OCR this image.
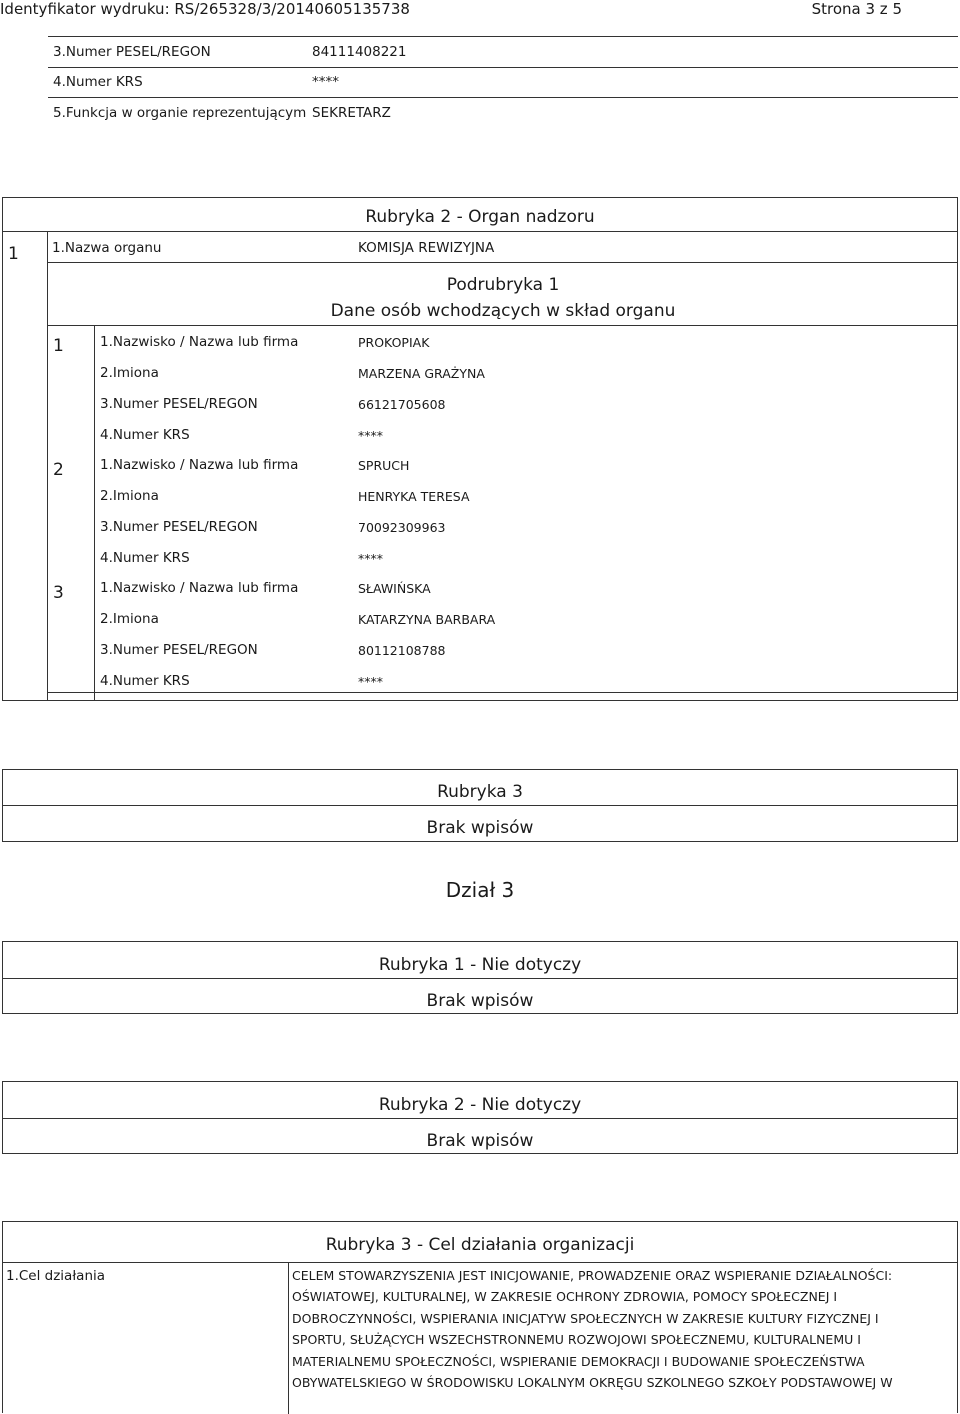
Identyfikator wydruku: RS/265328/3/20140605135738	Strona 3 z 5
3.Numer PESEL/REGON	84111408221
4.Numer KRS	****
5.Funkcja w organie reprezentującym SEKRETARZ
Rubryka 2 - Organ nadzoru
1 1.Nazwa organu	KOMISJA REWIZYJNA
Podrubryka 1
Dane osób wchodzących w skład organu
1	1.Nazwisko / Nazwa lub firma	PROKOPIAK
2.Imiona	MARZENA GRAŻYNA
3.Numer PESEL/REGON	66121705608
4.Numer KRS	****
2	1.Nazwisko / Nazwa lub firma	SPRUCH
2.Imiona	HENRYKA TERESA
3.Numer PESEL/REGON	70092309963
4.Numer KRS	****
3	1.Nazwisko / Nazwa lub firma	SŁAWIŃSKA
2.Imiona	KATARZYNA BARBARA
3.Numer PESEL/REGON	80112108788
4.Numer KRS	****
Rubryka 3
Brak wpisów
Dział 3
Rubryka 1 - Nie dotyczy
Brak wpisów
Rubryka 2 - Nie dotyczy
Brak wpisów
Rubryka 3 - Cel działania organizacji
1.Cel działania	CELEM STOWARZYSZENIA JEST INICJOWANIE, PROWADZENIE ORAZ WSPIERANIE DZIAŁALNOŚCI:
OŚWIATOWEJ, KULTURALNEJ, W ZAKRESIE OCHRONY ZDROWIA, POMOCY SPOŁECZNEJ I
DOBROCZYNNOŚCI, WSPIERANIA INICJATYW SPOŁECZNYCH W ZAKRESIE KULTURY FIZYCZNEJ I
SPORTU, SŁUŻĄCYCH WSZECHSTRONNEMU ROZWOJOWI SPOŁECZNEMU, KULTURALNEMU I
MATERIALNEMU SPOŁECZNOŚCI, WSPIERANIE DEMOKRACJI I BUDOWANIE SPOŁECZEŃSTWA
OBYWATELSKIEGO W ŚRODOWISKU LOKALNYM OKRĘGU SZKOLNEGO SZKOŁY PODSTAWOWEJ W
